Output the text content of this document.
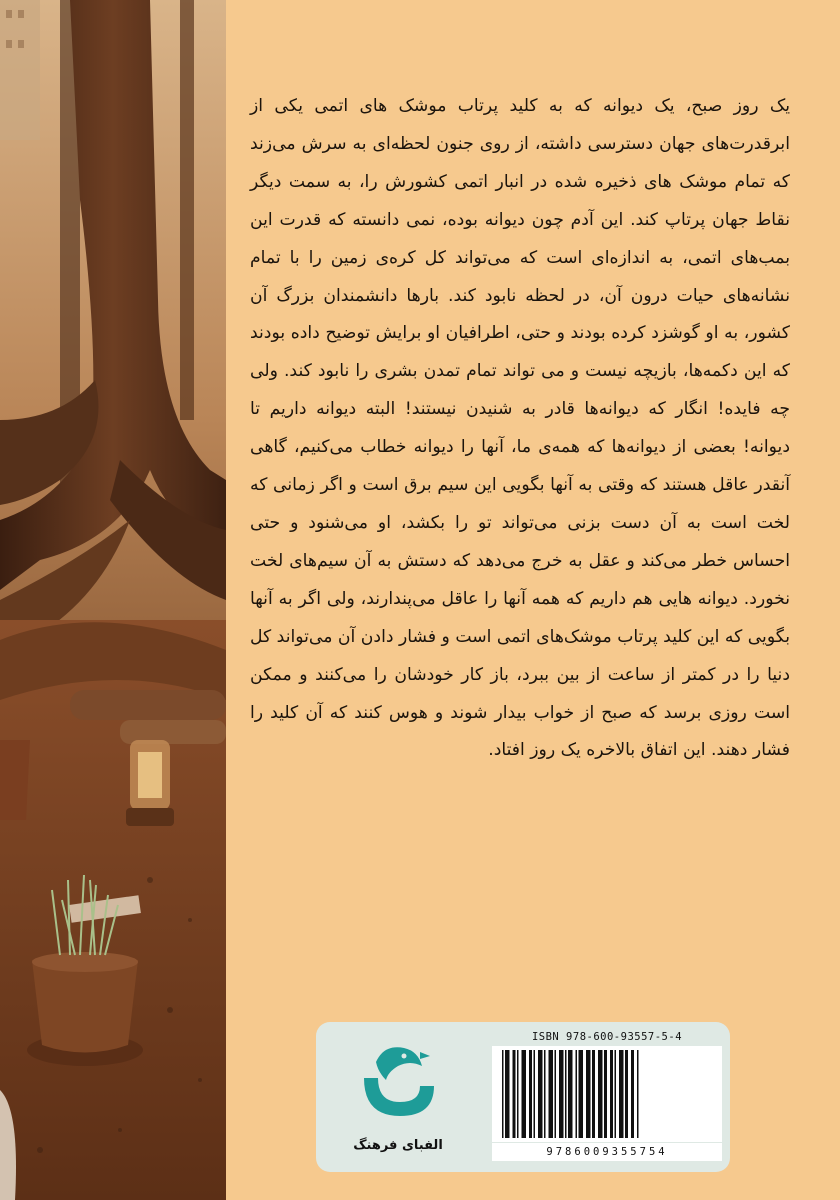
یک روز صبح، یک دیوانه که به کلید پرتاب موشک های اتمی یکی از ابرقدرت‌های جهان دسترسی داشته، از روی جنون لحظه‌ای به سرش می‌زند که تمام موشک های ذخیره شده در انبار اتمی کشورش را، به سمت دیگر نقاط جهان پرتاپ کند. این آدم چون دیوانه بوده، نمی دانسته که قدرت این بمب‌های اتمی، به اندازه‌ای است که می‌تواند کل کره‌ی زمین را با تمام نشانه‌های حیات درون آن، در لحظه نابود کند. بارها دانشمندان بزرگ آن کشور، به او گوشزد کرده بودند و حتی، اطرافیان او برایش توضیح داده بودند که این دکمه‌ها، بازیچه نیست و می تواند تمام تمدن بشری را نابود کند. ولی چه فایده! انگار که دیوانه‌ها قادر به شنیدن نیستند! البته دیوانه داریم تا دیوانه! بعضی از دیوانه‌ها که همه‌ی ما، آنها را دیوانه خطاب می‌کنیم، گاهی آنقدر عاقل هستند که وقتی به آنها بگویی این سیم برق است و اگر زمانی که لخت است به آن دست بزنی می‌تواند تو را بکشد، او می‌شنود و حتی احساس خطر می‌کند و عقل به خرج می‌دهد که دستش به آن سیم‌های لخت نخورد. دیوانه هایی هم داریم که همه آنها را عاقل می‌پندارند، ولی اگر به آنها بگویی که این کلید پرتاب موشک‌های اتمی است و فشار دادن آن می‌تواند کل دنیا را در کمتر از ساعت از بین ببرد، باز کار خودشان را می‌کنند و ممکن است روزی برسد که صبح از خواب بیدار شوند و هوس کنند که آن کلید را فشار دهند. این اتفاق بالاخره یک روز افتاد.
الفبای فرهنگ
ISBN 978-600-93557-5-4
9786009355754
